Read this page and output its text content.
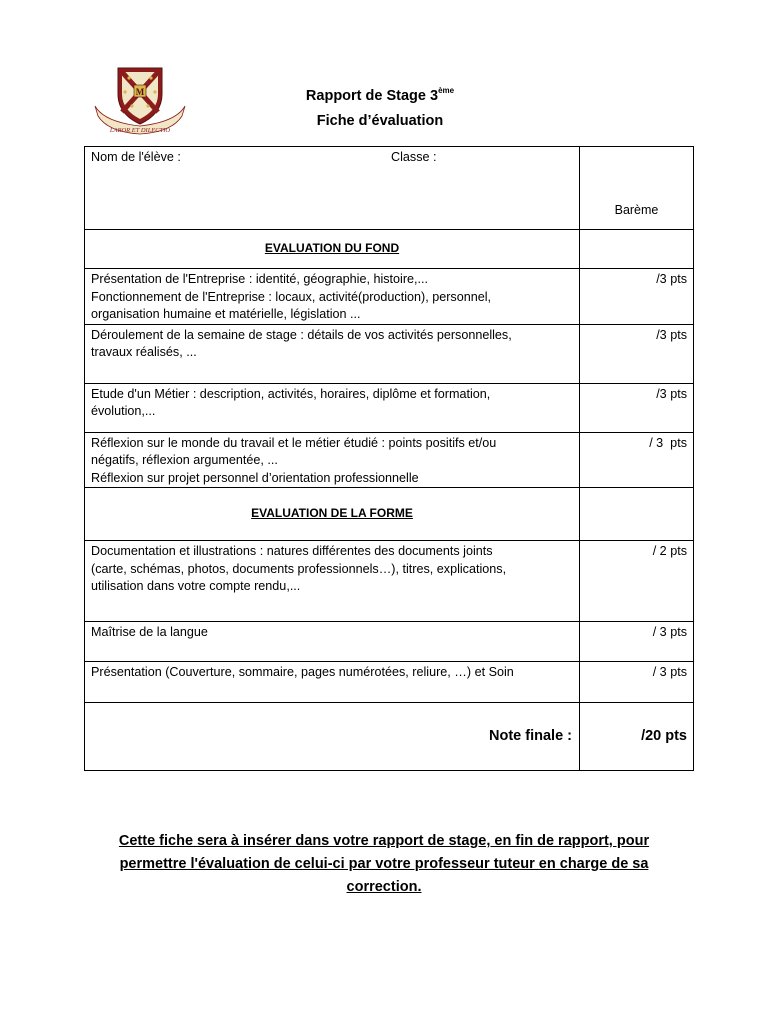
LABOR ET DILECTIO
M	Rapport de Stage 3ème
Fiche d’évaluation
Nom de l'élève : Classe :	Barème
EVALUATION DU FOND	

Présentation de l'Entreprise : identité, géographie, histoire,...
Fonctionnement de l'Entreprise : locaux, activité(production), personnel,
organisation humaine et matérielle, législation ...	/3 pts

Déroulement de la semaine de stage : détails de vos activités personnelles,
travaux réalisés, ...	/3 pts

Etude d'un Métier : description, activités, horaires, diplôme et formation,
évolution,...	/3 pts

Réflexion sur le monde du travail et le métier étudié : points positifs et/ou
négatifs, réflexion argumentée, ...
Réflexion sur projet personnel d’orientation professionnelle	/ 3  pts
EVALUATION DE LA FORME	

Documentation et illustrations : natures différentes des documents joints
(carte, schémas, photos, documents professionnels…), titres, explications,
utilisation dans votre compte rendu,...	/ 2 pts

Maîtrise de la langue	/ 3 pts

Présentation (Couverture, sommaire, pages numérotées, reliure, …) et Soin	/ 3 pts
Note finale :	/20 pts
Cette fiche sera à insérer dans votre rapport de stage, en fin de rapport, pour
permettre l'évaluation de celui-ci par votre professeur tuteur en charge de sa
correction.
